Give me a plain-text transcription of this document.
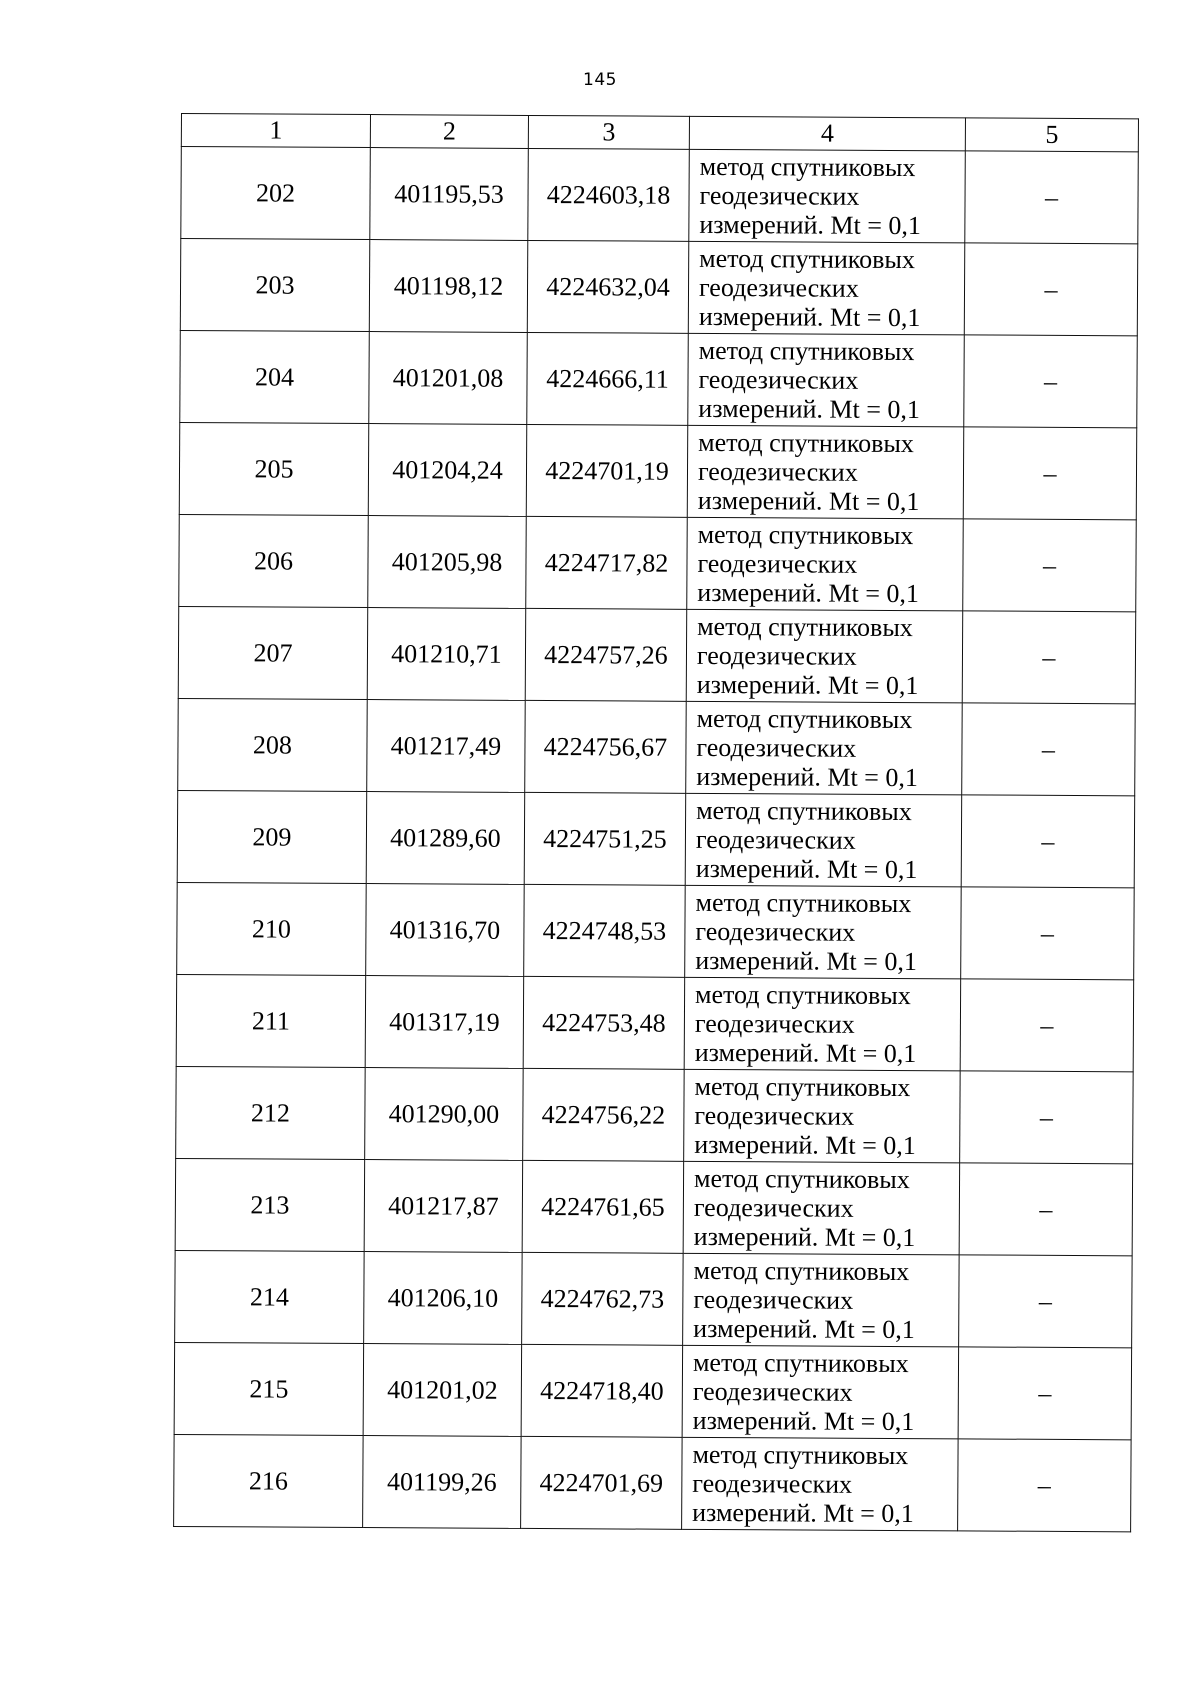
145
1	2	3	4	5
202	401195,53	4224603,18	метод спутниковых
геодезических
измерений. Mt = 0,1	–
203	401198,12	4224632,04	метод спутниковых
геодезических
измерений. Mt = 0,1	–
204	401201,08	4224666,11	метод спутниковых
геодезических
измерений. Mt = 0,1	–
205	401204,24	4224701,19	метод спутниковых
геодезических
измерений. Mt = 0,1	–
206	401205,98	4224717,82	метод спутниковых
геодезических
измерений. Mt = 0,1	–
207	401210,71	4224757,26	метод спутниковых
геодезических
измерений. Mt = 0,1	–
208	401217,49	4224756,67	метод спутниковых
геодезических
измерений. Mt = 0,1	–
209	401289,60	4224751,25	метод спутниковых
геодезических
измерений. Mt = 0,1	–
210	401316,70	4224748,53	метод спутниковых
геодезических
измерений. Mt = 0,1	–
211	401317,19	4224753,48	метод спутниковых
геодезических
измерений. Mt = 0,1	–
212	401290,00	4224756,22	метод спутниковых
геодезических
измерений. Mt = 0,1	–
213	401217,87	4224761,65	метод спутниковых
геодезических
измерений. Mt = 0,1	–
214	401206,10	4224762,73	метод спутниковых
геодезических
измерений. Mt = 0,1	–
215	401201,02	4224718,40	метод спутниковых
геодезических
измерений. Mt = 0,1	–
216	401199,26	4224701,69	метод спутниковых
геодезических
измерений. Mt = 0,1	–
